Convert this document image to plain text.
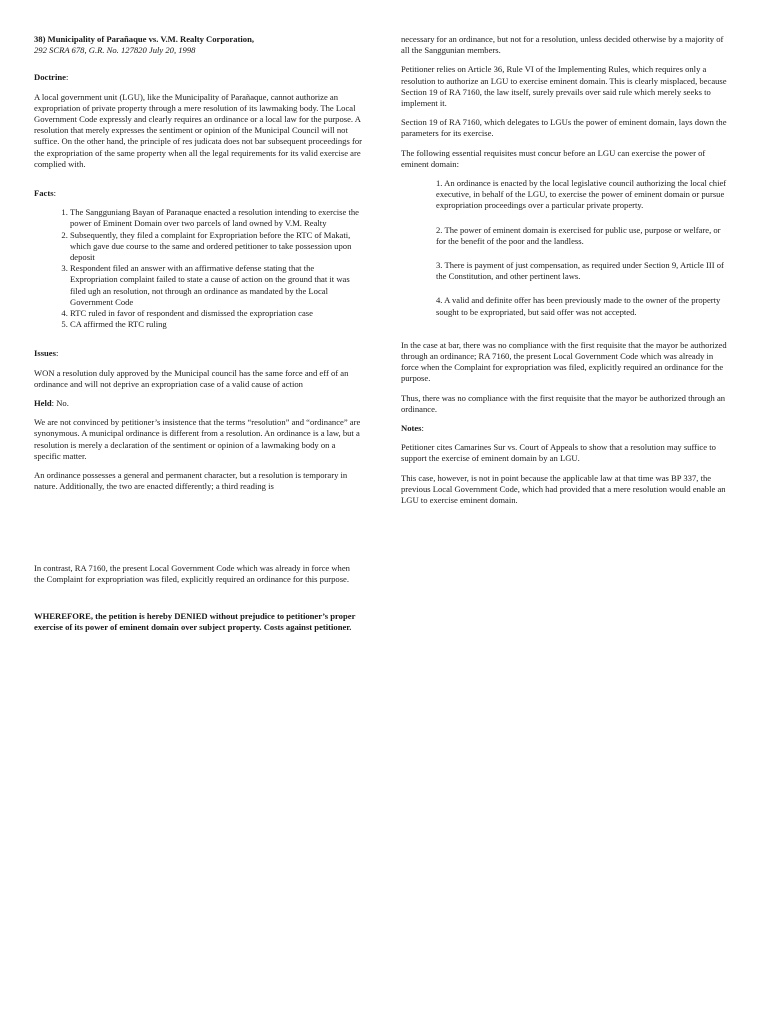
38) Municipality of Parañaque vs. V.M. Realty Corporation,

292 SCRA 678, G.R. No. 127820 July 20, 1998

Doctrine:

A local government unit (LGU), like the Municipality of Parañaque, cannot authorize an expropriation of private property through a mere resolution of its lawmaking body. The Local Government Code expressly and clearly requires an ordinance or a local law for the purpose. A resolution that merely expresses the sentiment or opinion of the Municipal Council will not suffice. On the other hand, the principle of res judicata does not bar subsequent proceedings for the expropriation of the same property when all the legal requirements for its valid exercise are complied with.

Facts:

1. The Sangguniang Bayan of Paranaque enacted a resolution intending to exercise the power of Eminent Domain over two parcels of land owned by V.M. Realty
2. Subsequently, they filed a complaint for Expropriation before the RTC of Makati, which gave due course to the same and ordered petitioner to take possession upon deposit
3. Respondent filed an answer with an affirmative defense stating that the Expropriation complaint failed to state a cause of action on the ground that it was filed ugh an resolution, not through an ordinance as mandated by the Local Government Code
4. RTC ruled in favor of respondent and dismissed the expropriation case
5. CA affirmed the RTC ruling

Issues:

WON a resolution duly approved by the Municipal council has the same force and eff of an ordinance and will not deprive an expropriation case of a valid cause of action

Held: No.

We are not convinced by petitioner’s insistence that the terms “resolution” and “ordinance” are synonymous. A municipal ordinance is different from a resolution. An ordinance is a law, but a resolution is merely a declaration of the sentiment or opinion of a lawmaking body on a specific matter.

An ordinance possesses a general and permanent character, but a resolution is temporary in nature. Additionally, the two are enacted differently; a third reading is

In contrast, RA 7160, the present Local Government Code which was already in force when the Complaint for expropriation was filed, explicitly required an ordinance for this purpose.

WHEREFORE, the petition is hereby DENIED without prejudice to petitioner’s proper exercise of its power of eminent domain over subject property. Costs against petitioner.

necessary for an ordinance, but not for a resolution, unless decided otherwise by a majority of all the Sanggunian members.

Petitioner relies on Article 36, Rule VI of the Implementing Rules, which requires only a resolution to authorize an LGU to exercise eminent domain. This is clearly misplaced, because Section 19 of RA 7160, the law itself, surely prevails over said rule which merely seeks to implement it.

Section 19 of RA 7160, which delegates to LGUs the power of eminent domain, lays down the parameters for its exercise.

The following essential requisites must concur before an LGU can exercise the power of eminent domain:

1. An ordinance is enacted by the local legislative council authorizing the local chief executive, in behalf of the LGU, to exercise the power of eminent domain or pursue expropriation proceedings over a particular private property.

2. The power of eminent domain is exercised for public use, purpose or welfare, or for the benefit of the poor and the landless.

3. There is payment of just compensation, as required under Section 9, Article III of the Constitution, and other pertinent laws.

4. A valid and definite offer has been previously made to the owner of the property sought to be expropriated, but said offer was not accepted.

In the case at bar, there was no compliance with the first requisite that the mayor be authorized through an ordinance; RA 7160, the present Local Government Code which was already in force when the Complaint for expropriation was filed, explicitly required an ordinance for the purpose.

Thus, there was no compliance with the first requisite that the mayor be authorized through an ordinance.

Notes:

Petitioner cites Camarines Sur vs. Court of Appeals to show that a resolution may suffice to support the exercise of eminent domain by an LGU.

This case, however, is not in point because the applicable law at that time was BP 337, the previous Local Government Code, which had provided that a mere resolution would enable an LGU to exercise eminent domain.
